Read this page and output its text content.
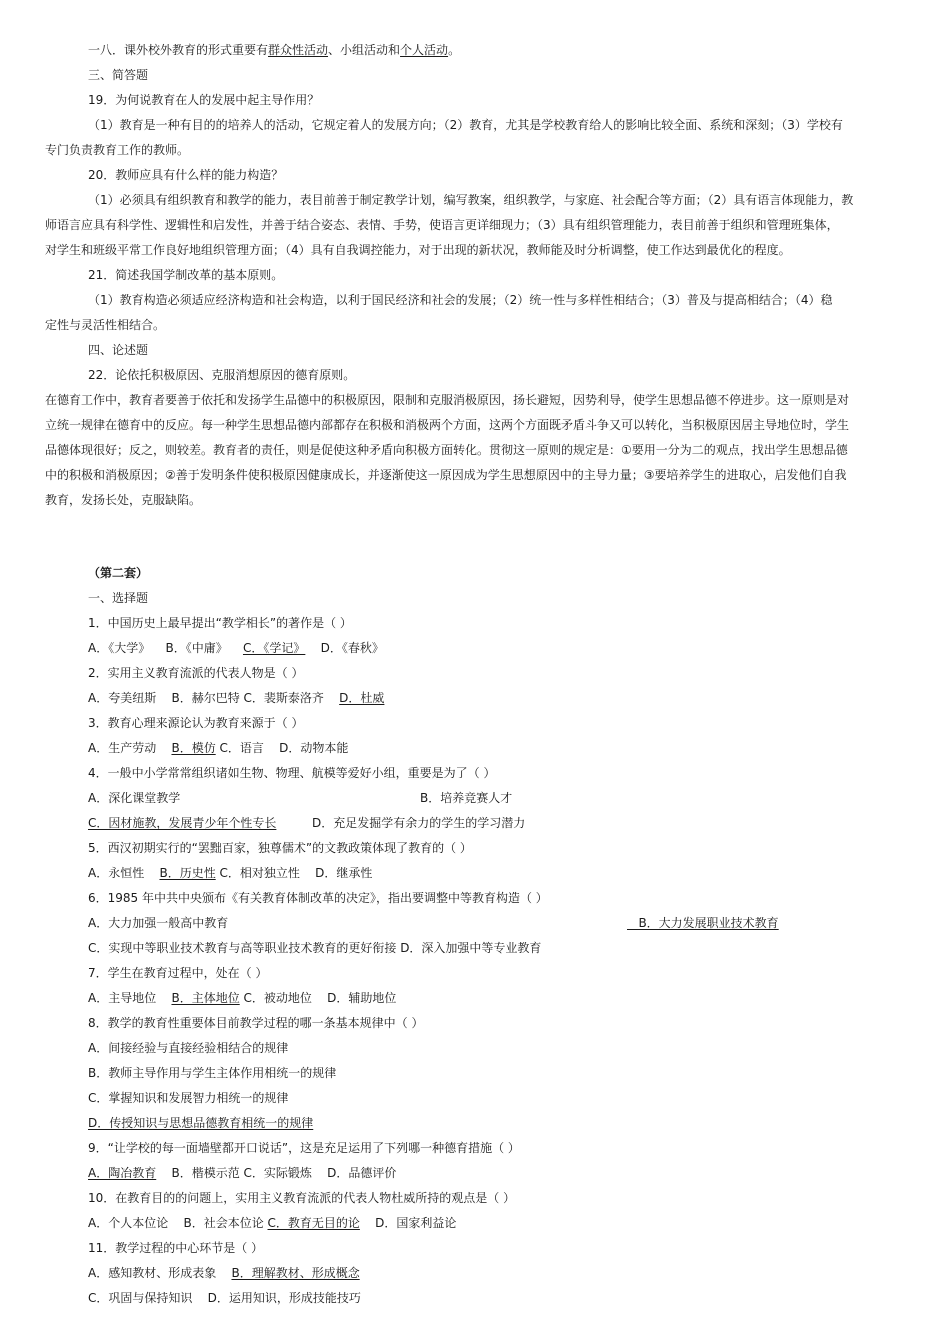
一八．课外校外教育的形式重要有群众性活动、小组活动和个人活动。
三、简答题
19．为何说教育在人的发展中起主导作用？
（1）教育是一种有目的的培养人的活动，它规定着人的发展方向；（2）教育，尤其是学校教育给人的影响比较全面、系统和深刻；（3）学校有
专门负责教育工作的教师。
20．教师应具有什么样的能力构造？
（1）必须具有组织教育和教学的能力，表目前善于制定教学计划，编写教案，组织教学，与家庭、社会配合等方面；（2）具有语言体现能力，教
师语言应具有科学性、逻辑性和启发性，并善于结合姿态、表情、手势，使语言更详细现力；（3）具有组织管理能力，表目前善于组织和管理班集体，
对学生和班级平常工作良好地组织管理方面；（4）具有自我调控能力，对于出现的新状况，教师能及时分析调整，使工作达到最优化的程度。
21．简述我国学制改革的基本原则。
（1）教育构造必须适应经济构造和社会构造，以利于国民经济和社会的发展；（2）统一性与多样性相结合；（3）普及与提高相结合；（4）稳
定性与灵活性相结合。
四、论述题
22．论依托积极原因、克服消想原因的德育原则。
在德育工作中，教育者要善于依托和发扬学生品德中的积极原因，限制和克服消极原因，扬长避短，因势利导，使学生思想品德不停进步。这一原则是对
立统一规律在德育中的反应。每一种学生思想品德内部都存在积极和消极两个方面，这两个方面既矛盾斗争又可以转化，当积极原因居主导地位时，学生
品德体现很好；反之，则较差。教育者的责任，则是促使这种矛盾向积极方面转化。贯彻这一原则的规定是：①要用一分为二的观点，找出学生思想品德
中的积极和消极原因；②善于发明条件使积极原因健康成长，并逐渐使这一原因成为学生思想原因中的主导力量；③要培养学生的进取心，启发他们自我
教育，发扬长处，克服缺陷。
（第二套）
一、选择题
1．中国历史上最早提出“教学相长”的著作是（ ）
A．《大学》    B．《中庸》    C．《学记》    D．《春秋》
2．实用主义教育流派的代表人物是（ ）
A．夸美纽斯    B．赫尔巴特 C．裴斯泰洛齐    D．杜威
3．教育心理来源论认为教育来源于（ ）
A．生产劳动    B．模仿 C．语言    D．动物本能
4．一般中小学常常组织诸如生物、物理、航模等爱好小组，重要是为了（ ）
A．深化课堂教学	B．培养竞赛人才
C．因材施教，发展青少年个性专长	D．充足发掘学有余力的学生的学习潜力
5．西汉初期实行的“罢黜百家，独尊儒术”的文教政策体现了教育的（ ）
A．永恒性    B．历史性 C．相对独立性    D．继承性
6．1985 年中共中央颁布《有关教育体制改革的决定》，指出要调整中等教育构造（ ）
A．大力加强一般高中教育	B．大力发展职业技术教育
C．实现中等职业技术教育与高等职业技术教育的更好衔接 D．深入加强中等专业教育
7．学生在教育过程中，处在（ ）
A．主导地位    B．主体地位 C．被动地位    D．辅助地位
8．教学的教育性重要体目前教学过程的哪一条基本规律中（ ）
A．间接经验与直接经验相结合的规律
B．教师主导作用与学生主体作用相统一的规律
C．掌握知识和发展智力相统一的规律
D．传授知识与思想品德教育相统一的规律
9．“让学校的每一面墙壁都开口说话”，这是充足运用了下列哪一种德育措施（ ）
A．陶冶教育    B．楷模示范 C．实际锻炼    D．品德评价
10．在教育目的的问题上，实用主义教育流派的代表人物杜威所持的观点是（ ）
A．个人本位论    B．社会本位论 C．教育无目的论    D．国家利益论
11．教学过程的中心环节是（ ）
A．感知教材、形成表象    B．理解教材、形成概念
C．巩固与保持知识    D．运用知识，形成技能技巧
